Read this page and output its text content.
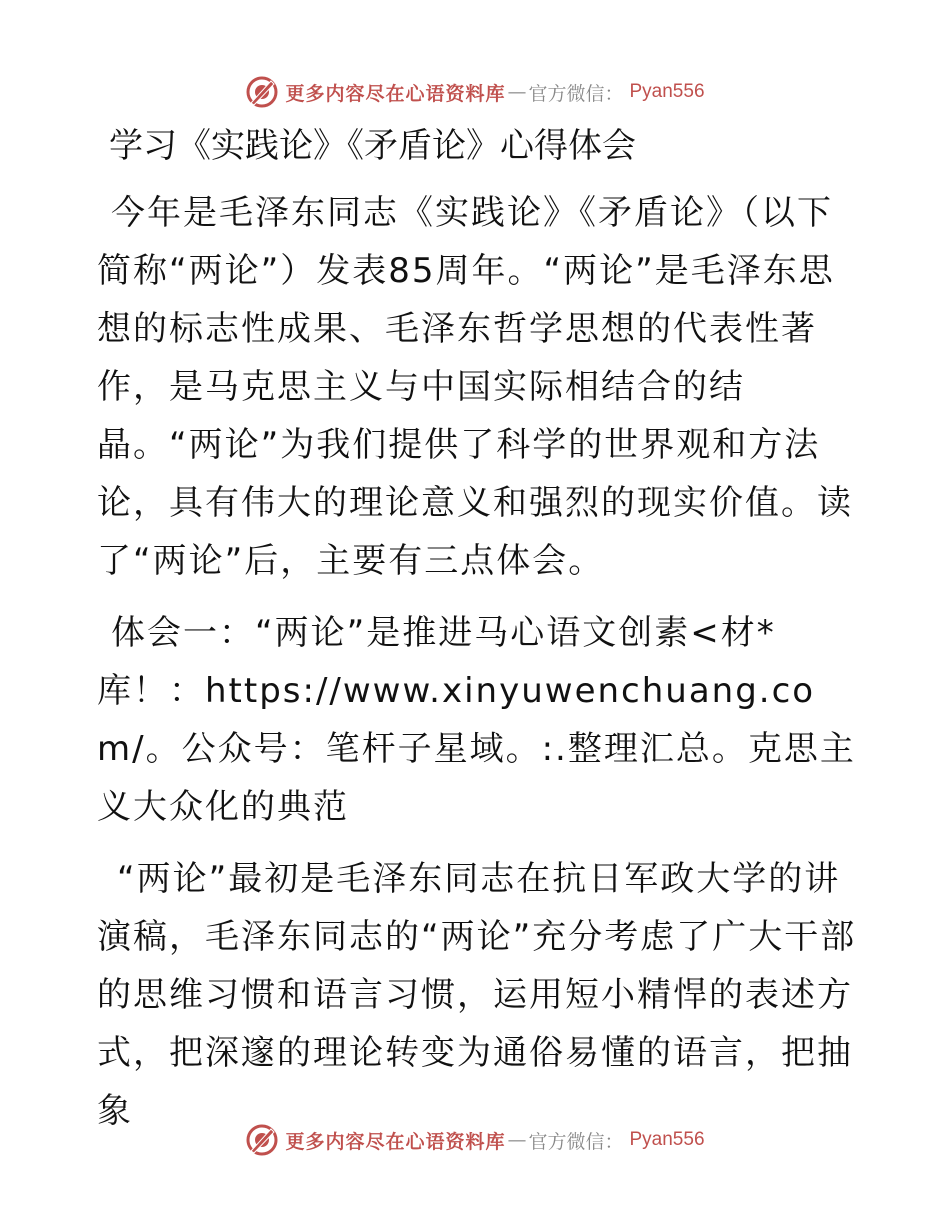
更多内容尽在心语资料库 — 官方微信： Pyan556
学习《实践论》《矛盾论》心得体会

今年是毛泽东同志《实践论》《矛盾论》（以下简称“两论”）发表85周年。“两论”是毛泽东思想的标志性成果、毛泽东哲学思想的代表性著作，是马克思主义与中国实际相结合的结晶。“两论”为我们提供了科学的世界观和方法论，具有伟大的理论意义和强烈的现实价值。读了“两论”后，主要有三点体会。

体会一：“两论”是推进马心语文创素<材*库！：https://www.xinyuwenchuang.com/。公众号：笔杆子星域。:.整理汇总。克思主义大众化的典范

“两论”最初是毛泽东同志在抗日军政大学的讲演稿，毛泽东同志的“两论”充分考虑了广大干部的思维习惯和语言习惯，运用短小精悍的表述方式，把深邃的理论转变为通俗易懂的语言，把抽象

更多内容尽在心语资料库 — 官方微信： Pyan556
